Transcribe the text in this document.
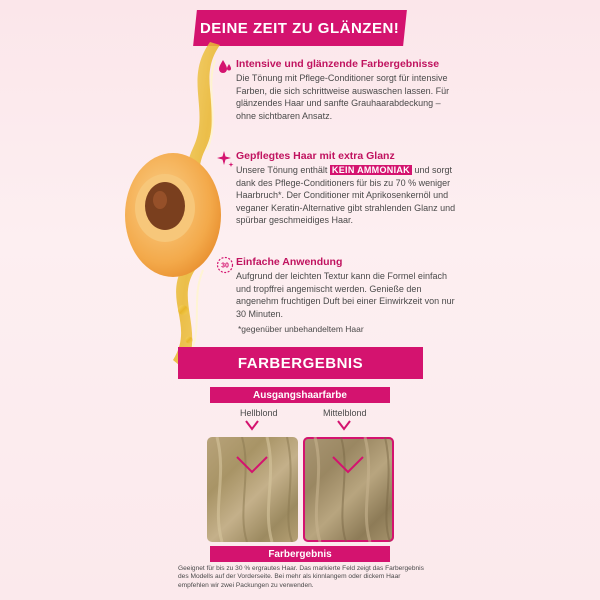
DEINE ZEIT ZU GLÄNZEN!
Intensive und glänzende Farbergebnisse

Die Tönung mit Pflege-Conditioner sorgt für intensive Farben, die sich schrittweise auswaschen lassen. Für glänzendes Haar und sanfte Grauhaarabdeckung – ohne sichtbaren Ansatz.

Gepflegtes Haar mit extra Glanz

Unsere Tönung enthält KEIN AMMONIAK und sorgt dank des Pflege-Conditioners für bis zu 70 % weniger Haarbruch*. Der Conditioner mit Aprikosenkernöl und veganer Keratin-Alternative gibt strahlenden Glanz und spürbar geschmeidiges Haar.

30 Einfache Anwendung

Aufgrund der leichten Textur kann die Formel einfach und tropffrei angemischt werden. Genieße den angenehm fruchtigen Duft bei einer Einwirkzeit von nur 30 Minuten.

*gegenüber unbehandeltem Haar
FARBERGEBNIS
Ausgangshaarfarbe
Hellblond	Mittelblond
Farbergebnis
Geeignet für bis zu 30 % ergrautes Haar. Das markierte Feld zeigt das Farbergebnis des Modells auf der Vorderseite. Bei mehr als kinnlangem oder dickem Haar empfehlen wir zwei Packungen zu verwenden.
